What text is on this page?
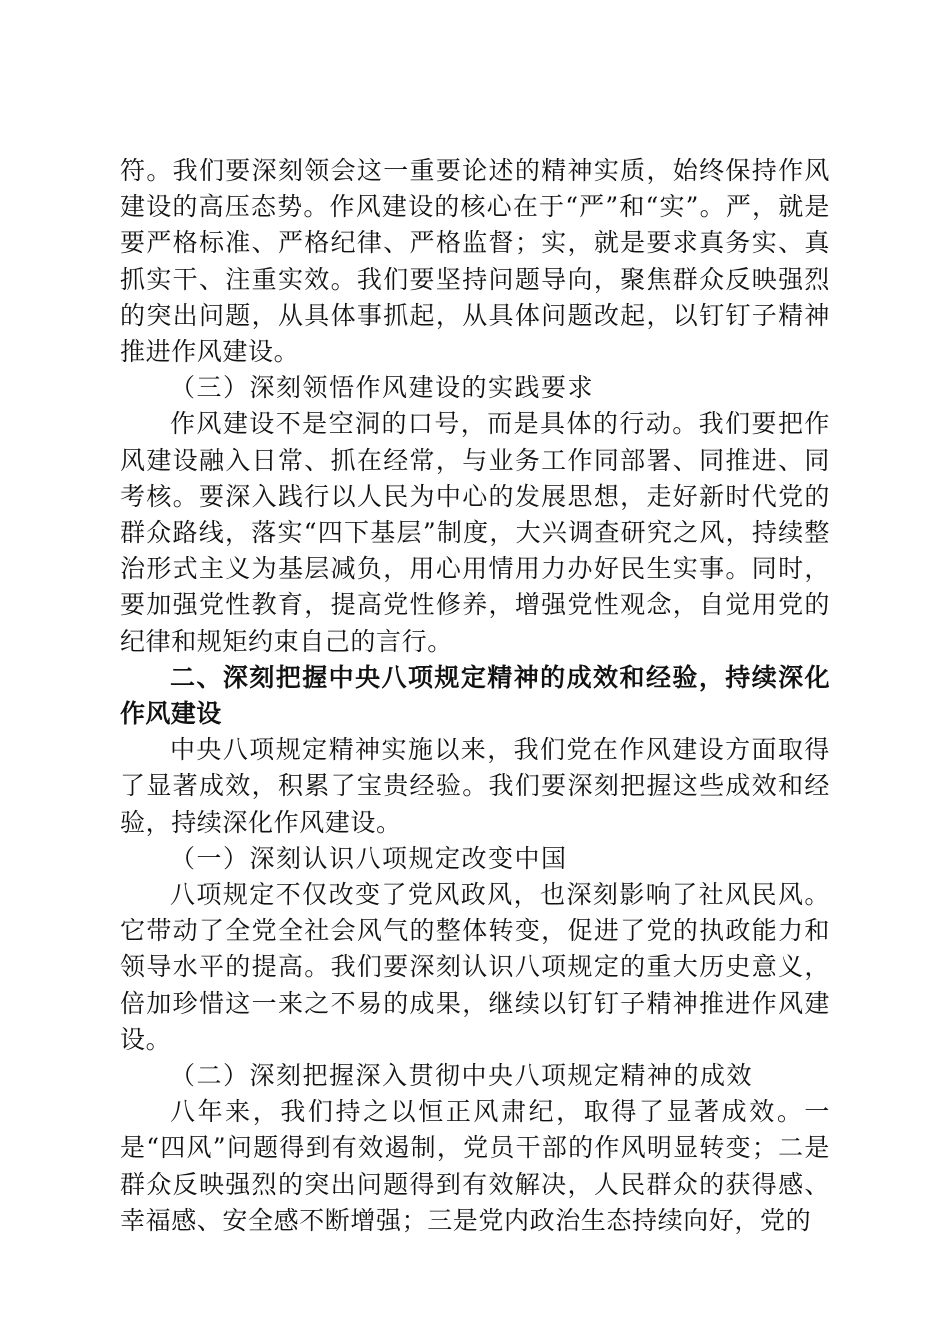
符。我们要深刻领会这一重要论述的精神实质，始终保持作风建设的高压态势。作风建设的核心在于“严”和“实”。严，就是要严格标准、严格纪律、严格监督；实，就是要求真务实、真抓实干、注重实效。我们要坚持问题导向，聚焦群众反映强烈的突出问题，从具体事抓起，从具体问题改起，以钉钉子精神推进作风建设。

（三）深刻领悟作风建设的实践要求

作风建设不是空洞的口号，而是具体的行动。我们要把作风建设融入日常、抓在经常，与业务工作同部署、同推进、同考核。要深入践行以人民为中心的发展思想，走好新时代党的群众路线，落实“四下基层”制度，大兴调查研究之风，持续整治形式主义为基层减负，用心用情用力办好民生实事。同时，要加强党性教育，提高党性修养，增强党性观念，自觉用党的纪律和规矩约束自己的言行。

二、深刻把握中央八项规定精神的成效和经验，持续深化作风建设

中央八项规定精神实施以来，我们党在作风建设方面取得了显著成效，积累了宝贵经验。我们要深刻把握这些成效和经验，持续深化作风建设。

（一）深刻认识八项规定改变中国

八项规定不仅改变了党风政风，也深刻影响了社风民风。它带动了全党全社会风气的整体转变，促进了党的执政能力和领导水平的提高。我们要深刻认识八项规定的重大历史意义，倍加珍惜这一来之不易的成果，继续以钉钉子精神推进作风建设。

（二）深刻把握深入贯彻中央八项规定精神的成效

八年来，我们持之以恒正风肃纪，取得了显著成效。一是“四风”问题得到有效遏制，党员干部的作风明显转变；二是群众反映强烈的突出问题得到有效解决，人民群众的获得感、幸福感、安全感不断增强；三是党内政治生态持续向好，党的
